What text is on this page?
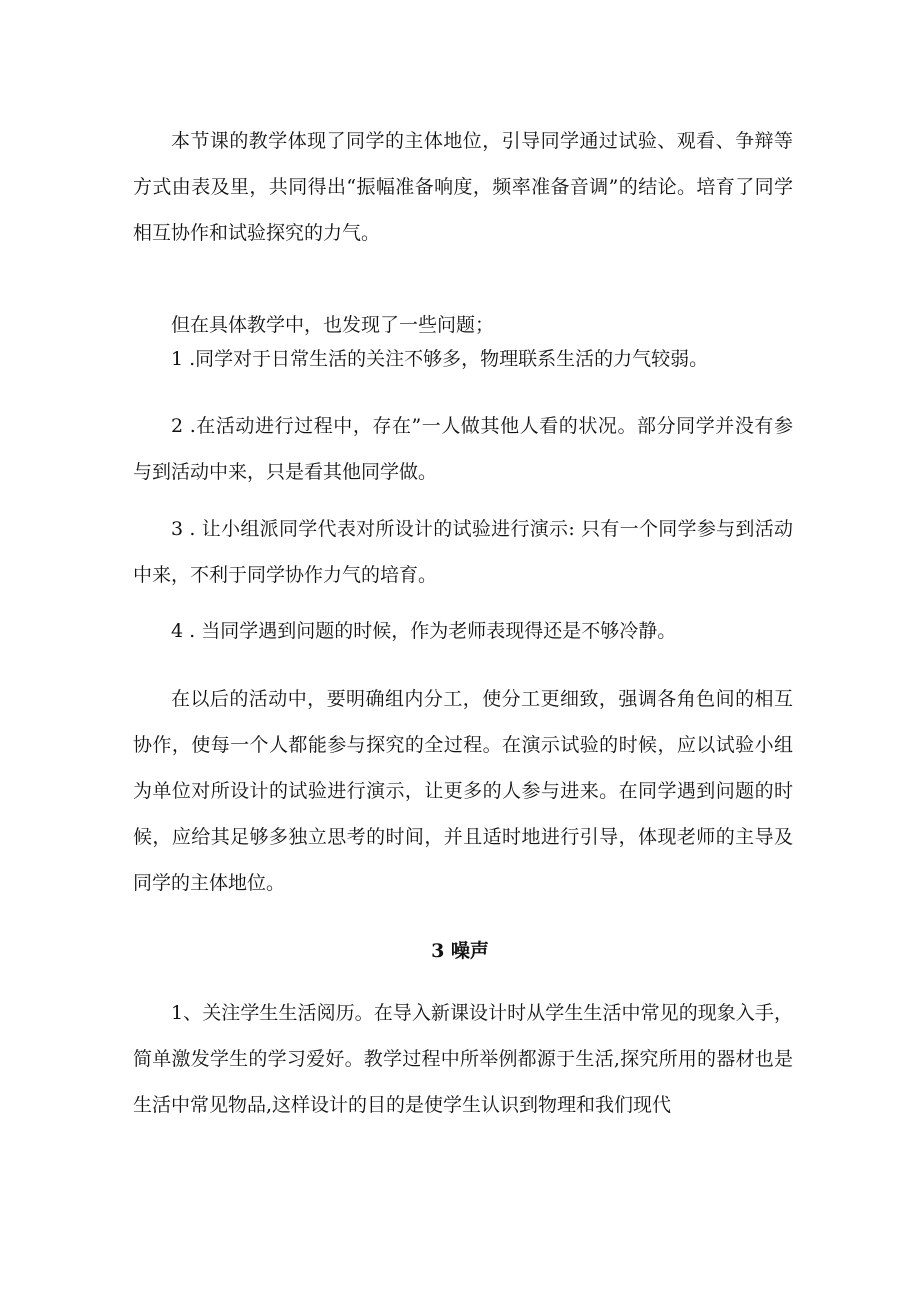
本节课的教学体现了同学的主体地位，引导同学通过试验、观看、争辩等方式由表及里，共同得出“振幅准备响度，频率准备音调”的结论。培育了同学相互协作和试验探究的力气。

但在具体教学中，也发现了一些问题；

1 .同学对于日常生活的关注不够多，物理联系生活的力气较弱。

2 .在活动进行过程中，存在”一人做其他人看的状况。部分同学并没有参与到活动中来，只是看其他同学做。

3 . 让小组派同学代表对所设计的试验进行演示: 只有一个同学参与到活动中来，不利于同学协作力气的培育。

4 . 当同学遇到问题的时候，作为老师表现得还是不够冷静。

在以后的活动中，要明确组内分工，使分工更细致，强调各角色间的相互协作，使每一个人都能参与探究的全过程。在演示试验的时候，应以试验小组为单位对所设计的试验进行演示，让更多的人参与进来。在同学遇到问题的时候，应给其足够多独立思考的时间，并且适时地进行引导，体现老师的主导及同学的主体地位。

3 噪声

1、关注学生生活阅历。在导入新课设计时从学生生活中常见的现象入手，简单激发学生的学习爱好。教学过程中所举例都源于生活,探究所用的器材也是生活中常见物品,这样设计的目的是使学生认识到物理和我们现代
